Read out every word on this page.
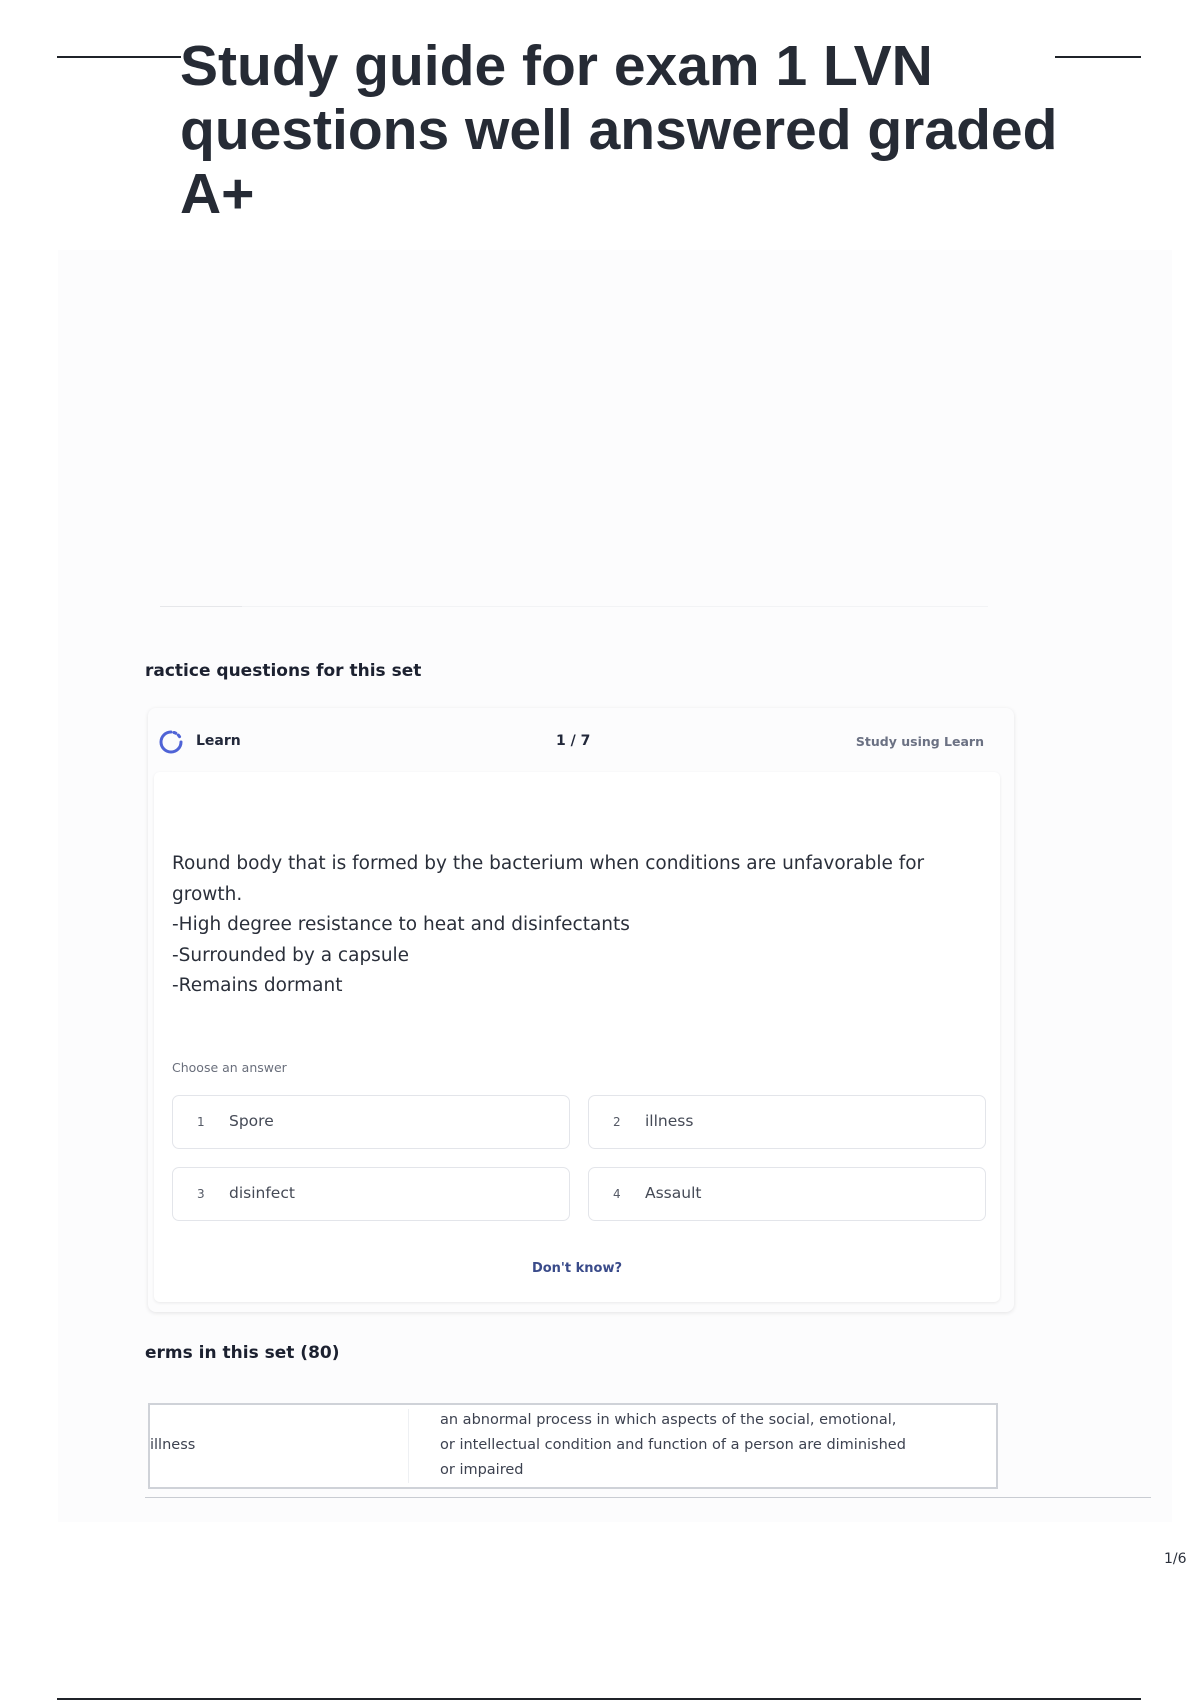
Study guide for exam 1 LVN questions well answered graded A+
ractice questions for this set
Learn	1 / 7	Study using Learn
Round body that is formed by the bacterium when conditions are unfavorable for
growth.
-High degree resistance to heat and disinfectants
-Surrounded by a capsule
-Remains dormant
Choose an answer
1 Spore	2 illness
3 disinfect	4 Assault
Don't know?
erms in this set (80)
illness
an abnormal process in which aspects of the social, emotional,
or intellectual condition and function of a person are diminished
or impaired
1/6
